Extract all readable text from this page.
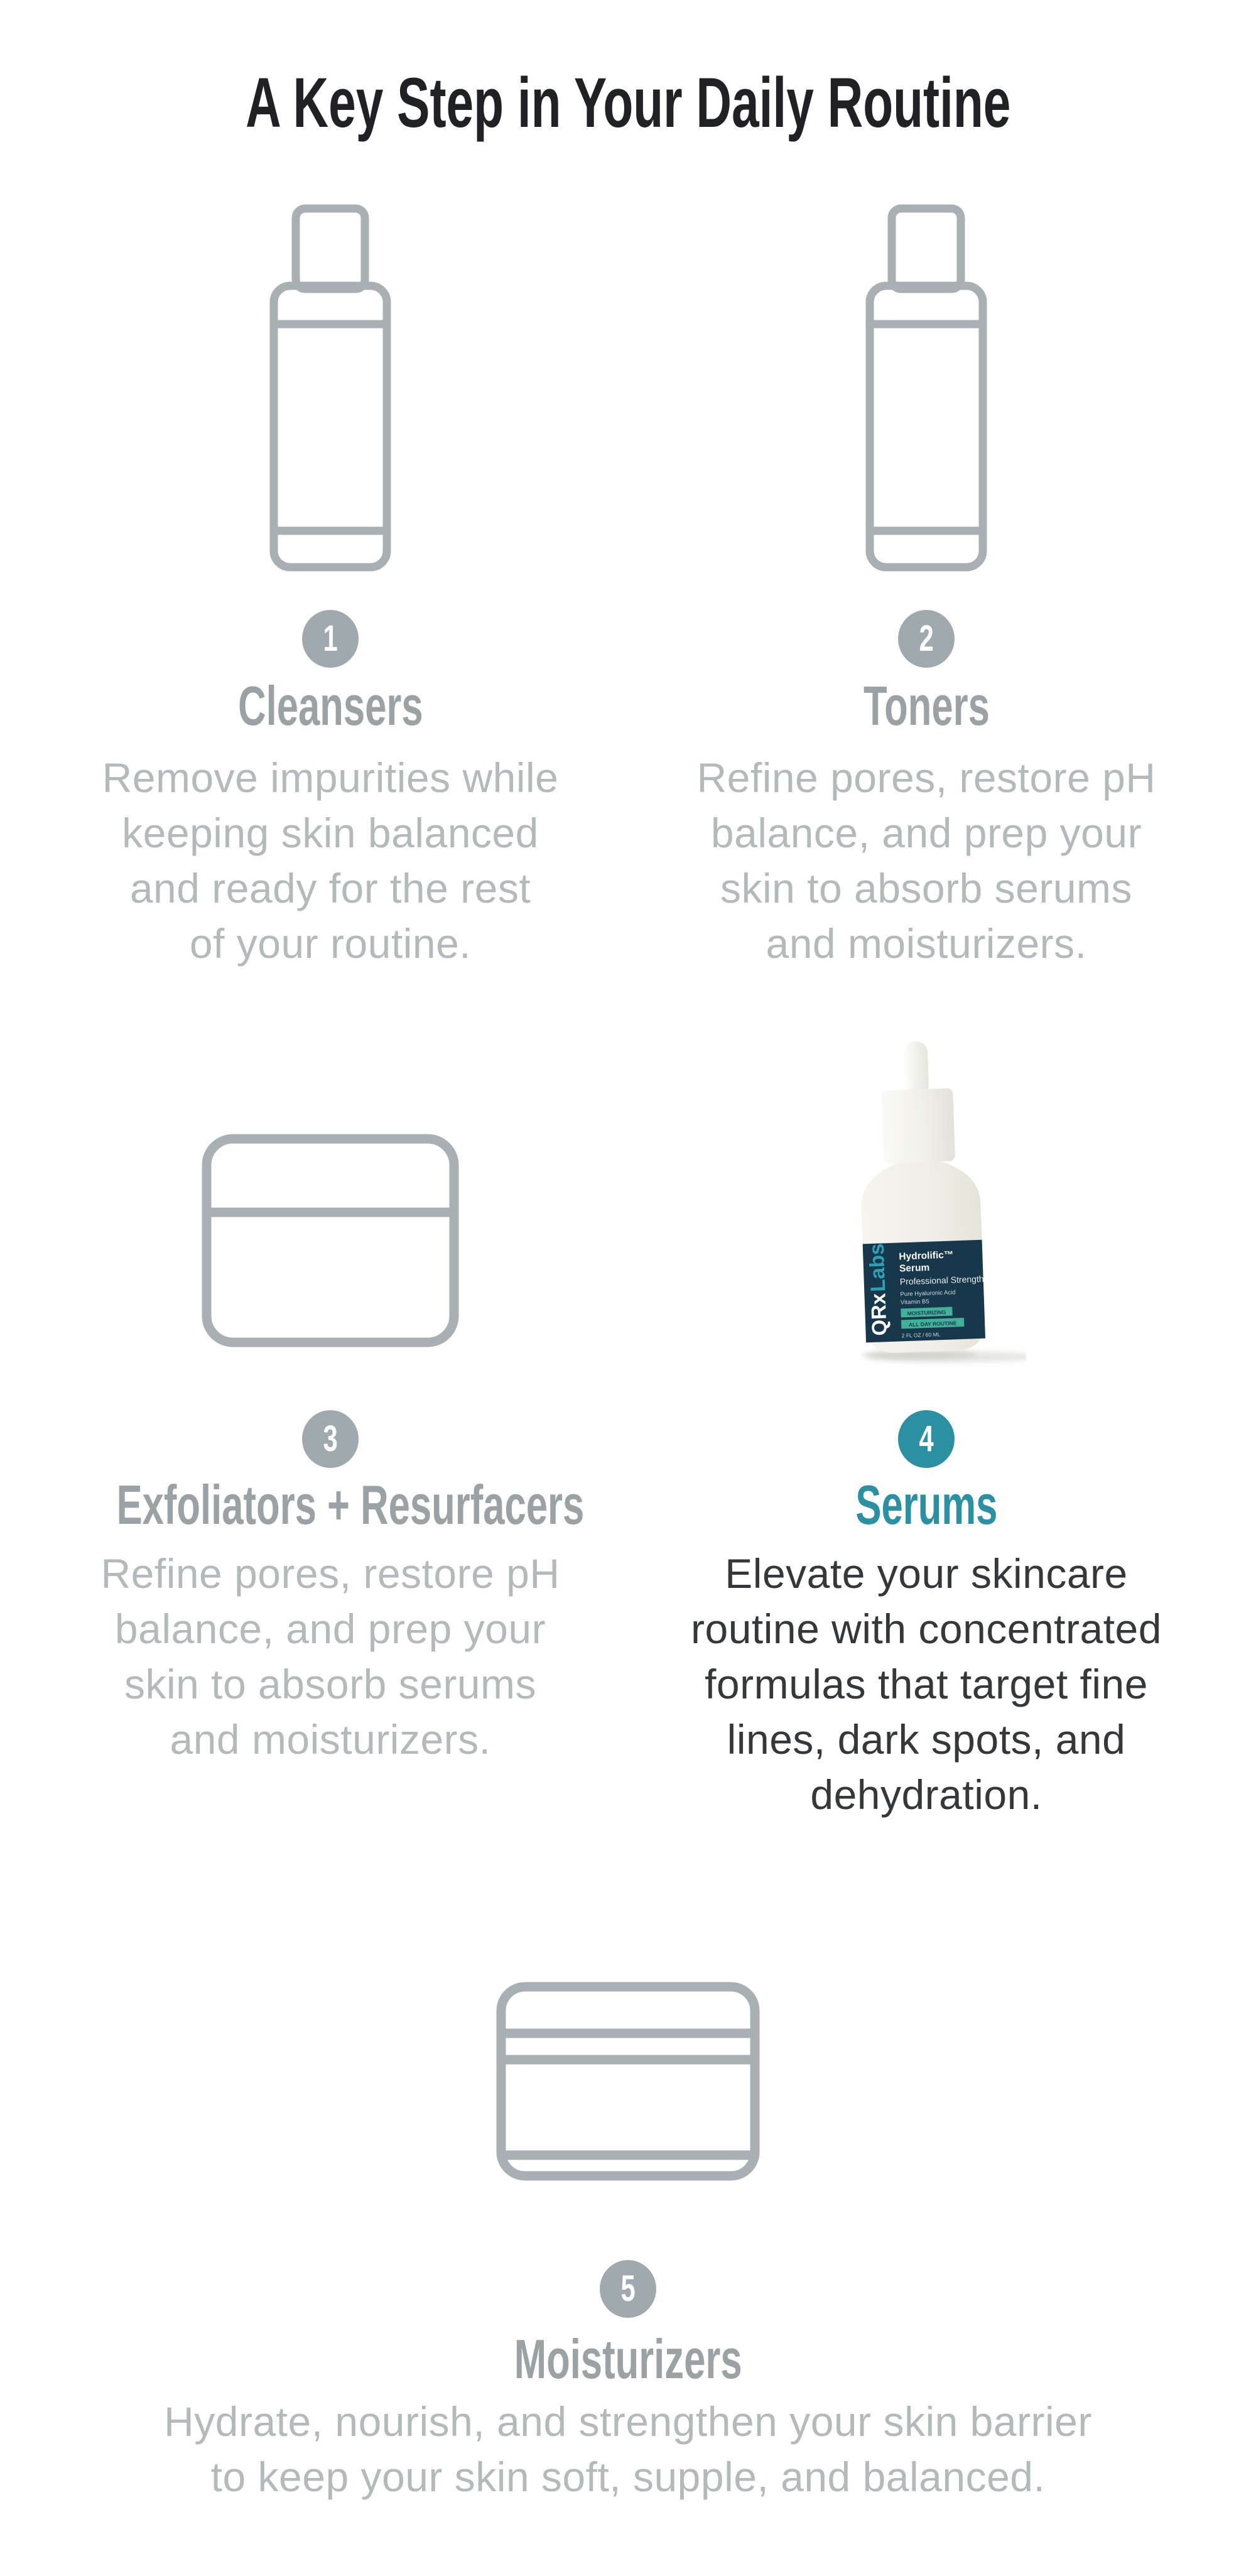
A Key Step in Your Daily Routine
1
Cleansers
Remove impurities while
keeping skin balanced
and ready for the rest
of your routine.
2
Toners
Refine pores, restore pH
balance, and prep your
skin to absorb serums
and moisturizers.
3
Exfoliators + Resurfacers
Refine pores, restore pH
balance, and prep your
skin to absorb serums
and moisturizers.
QRx
Labs Hydrolific™
Serum
Professional Strength
Pure Hyaluronic Acid
Vitamin B5
MOISTURIZING
ALL DAY ROUTINE
2 FL OZ / 60 ML
4
Serums
Elevate your skincare
routine with concentrated
formulas that target fine
lines, dark spots, and
dehydration.
5
Moisturizers
Hydrate, nourish, and strengthen your skin barrier
to keep your skin soft, supple, and balanced.
